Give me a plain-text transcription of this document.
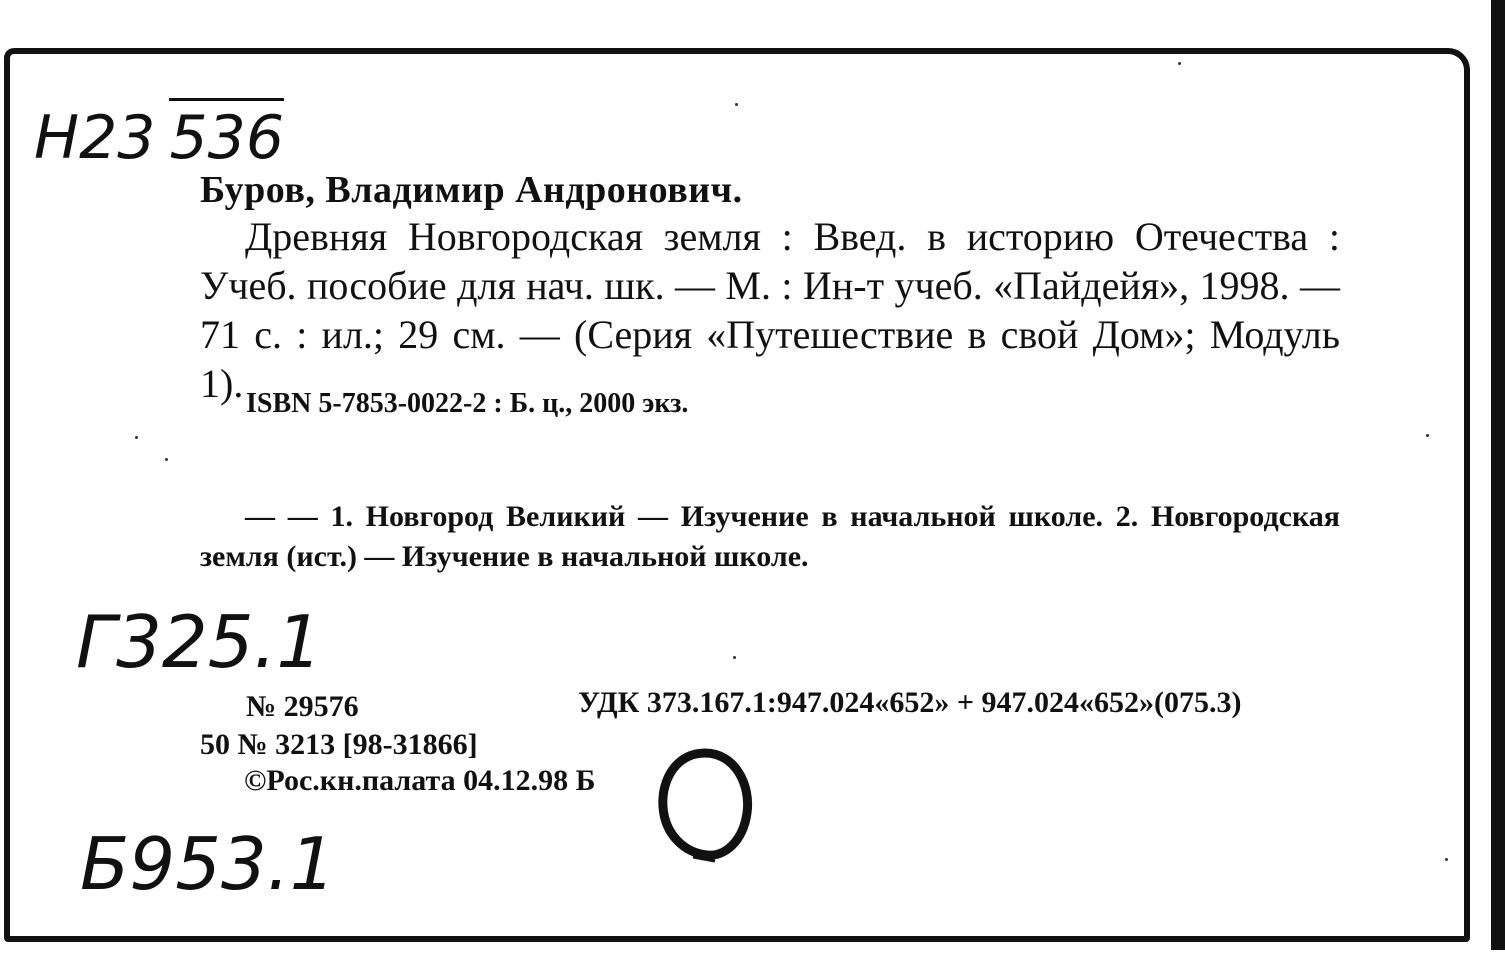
Н23 536
Буров, Владимир Андронович.
Древняя Новгородская земля : Введ. в историю Отечества : Учеб. пособие для нач. шк. — М. : Ин-т учеб. «Пайдейя», 1998. — 71 с. : ил.; 29 см. — (Серия «Путешествие в свой Дом»; Модуль 1). ISBN 5-7853-0022-2 : Б. ц., 2000 экз.
— — 1. Новгород Великий — Изучение в начальной школе. 2. Новгородская земля (ист.) — Изучение в начальной школе.
Г325.1
№ 29576	УДК 373.167.1:947.024«652» + 947.024«652»(075.3)
50 № 3213 [98-31866]
©Рос.кн.палата 04.12.98 Б
Б953.1
